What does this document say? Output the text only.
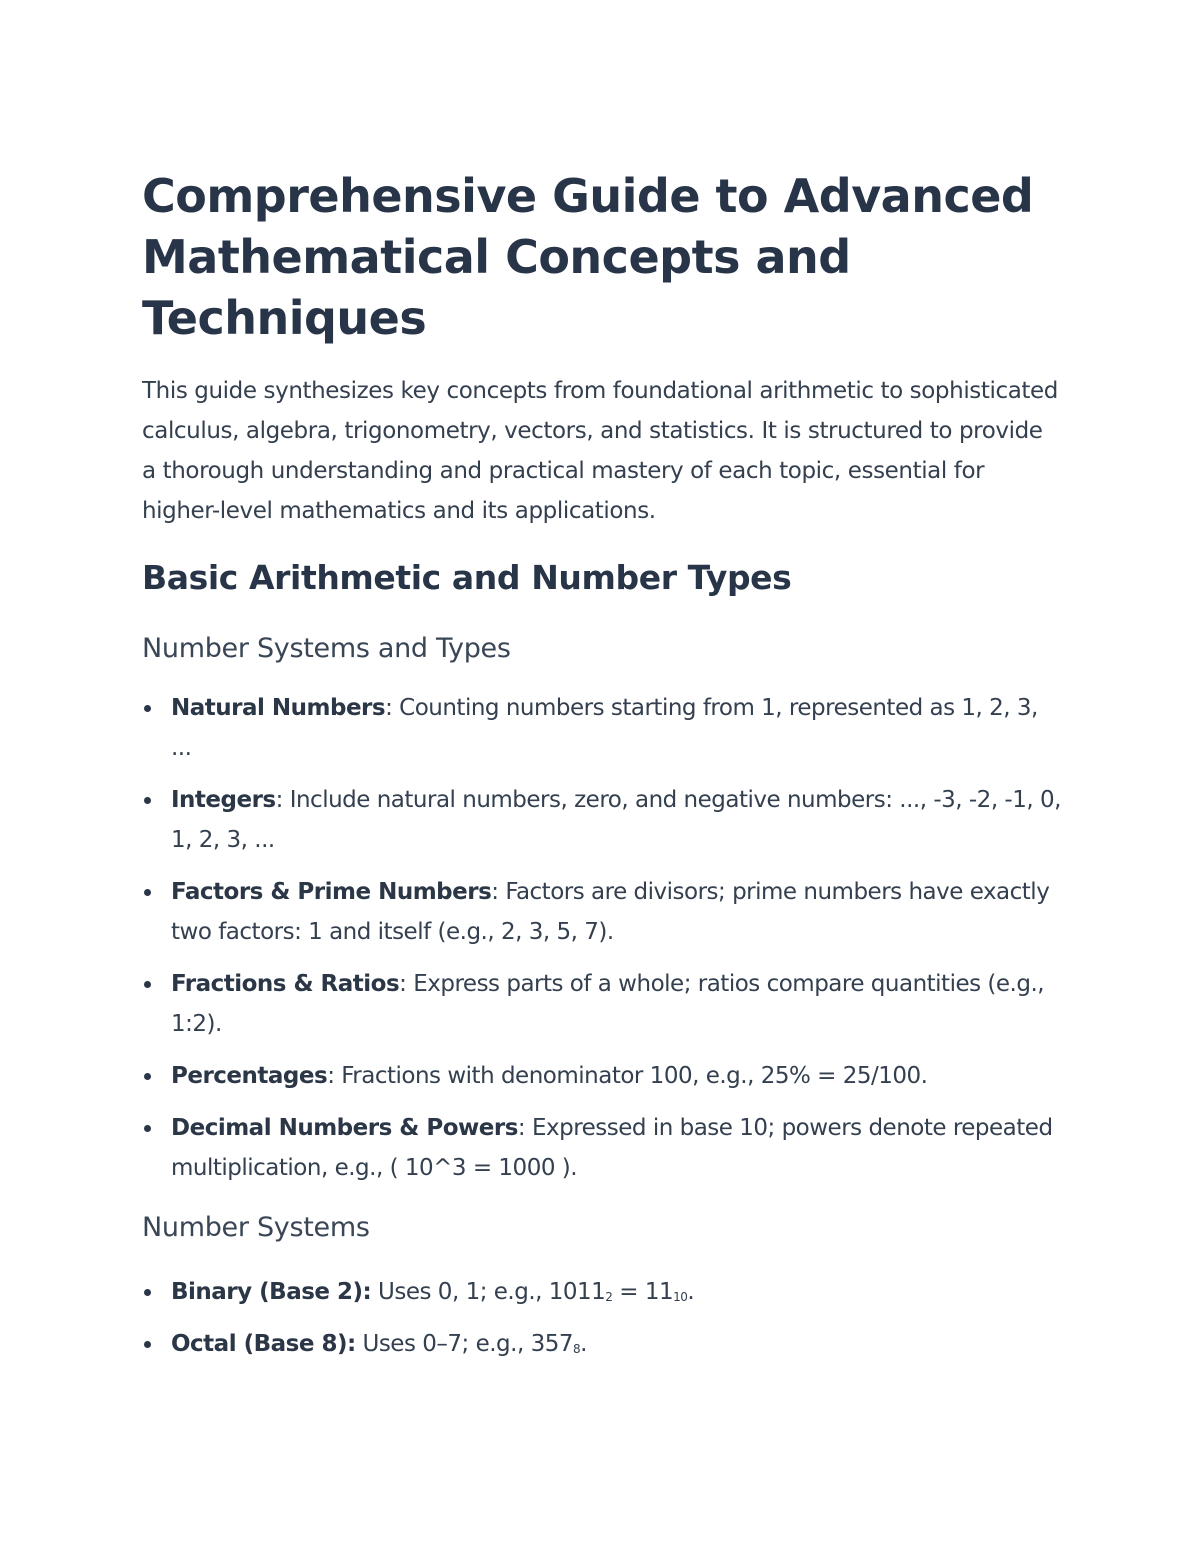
Comprehensive Guide to Advanced Mathematical Concepts and Techniques

This guide synthesizes key concepts from foundational arithmetic to sophisticated calculus, algebra, trigonometry, vectors, and statistics. It is structured to provide a thorough understanding and practical mastery of each topic, essential for higher-level mathematics and its applications.

Basic Arithmetic and Number Types
Number Systems and Types
Natural Numbers: Counting numbers starting from 1, represented as 1, 2, 3, ...
Integers: Include natural numbers, zero, and negative numbers: ..., -3, -2, -1, 0, 1, 2, 3, ...
Factors & Prime Numbers: Factors are divisors; prime numbers have exactly two factors: 1 and itself (e.g., 2, 3, 5, 7).
Fractions & Ratios: Express parts of a whole; ratios compare quantities (e.g., 1:2).
Percentages: Fractions with denominator 100, e.g., 25% = 25/100.
Decimal Numbers & Powers: Expressed in base 10; powers denote repeated multiplication, e.g., ( 10^3 = 1000 ).
Number Systems
Binary (Base 2): Uses 0, 1; e.g., $1011_2 = 11_{10}$.
Octal (Base 8): Uses 0–7; e.g., $357_8$.
